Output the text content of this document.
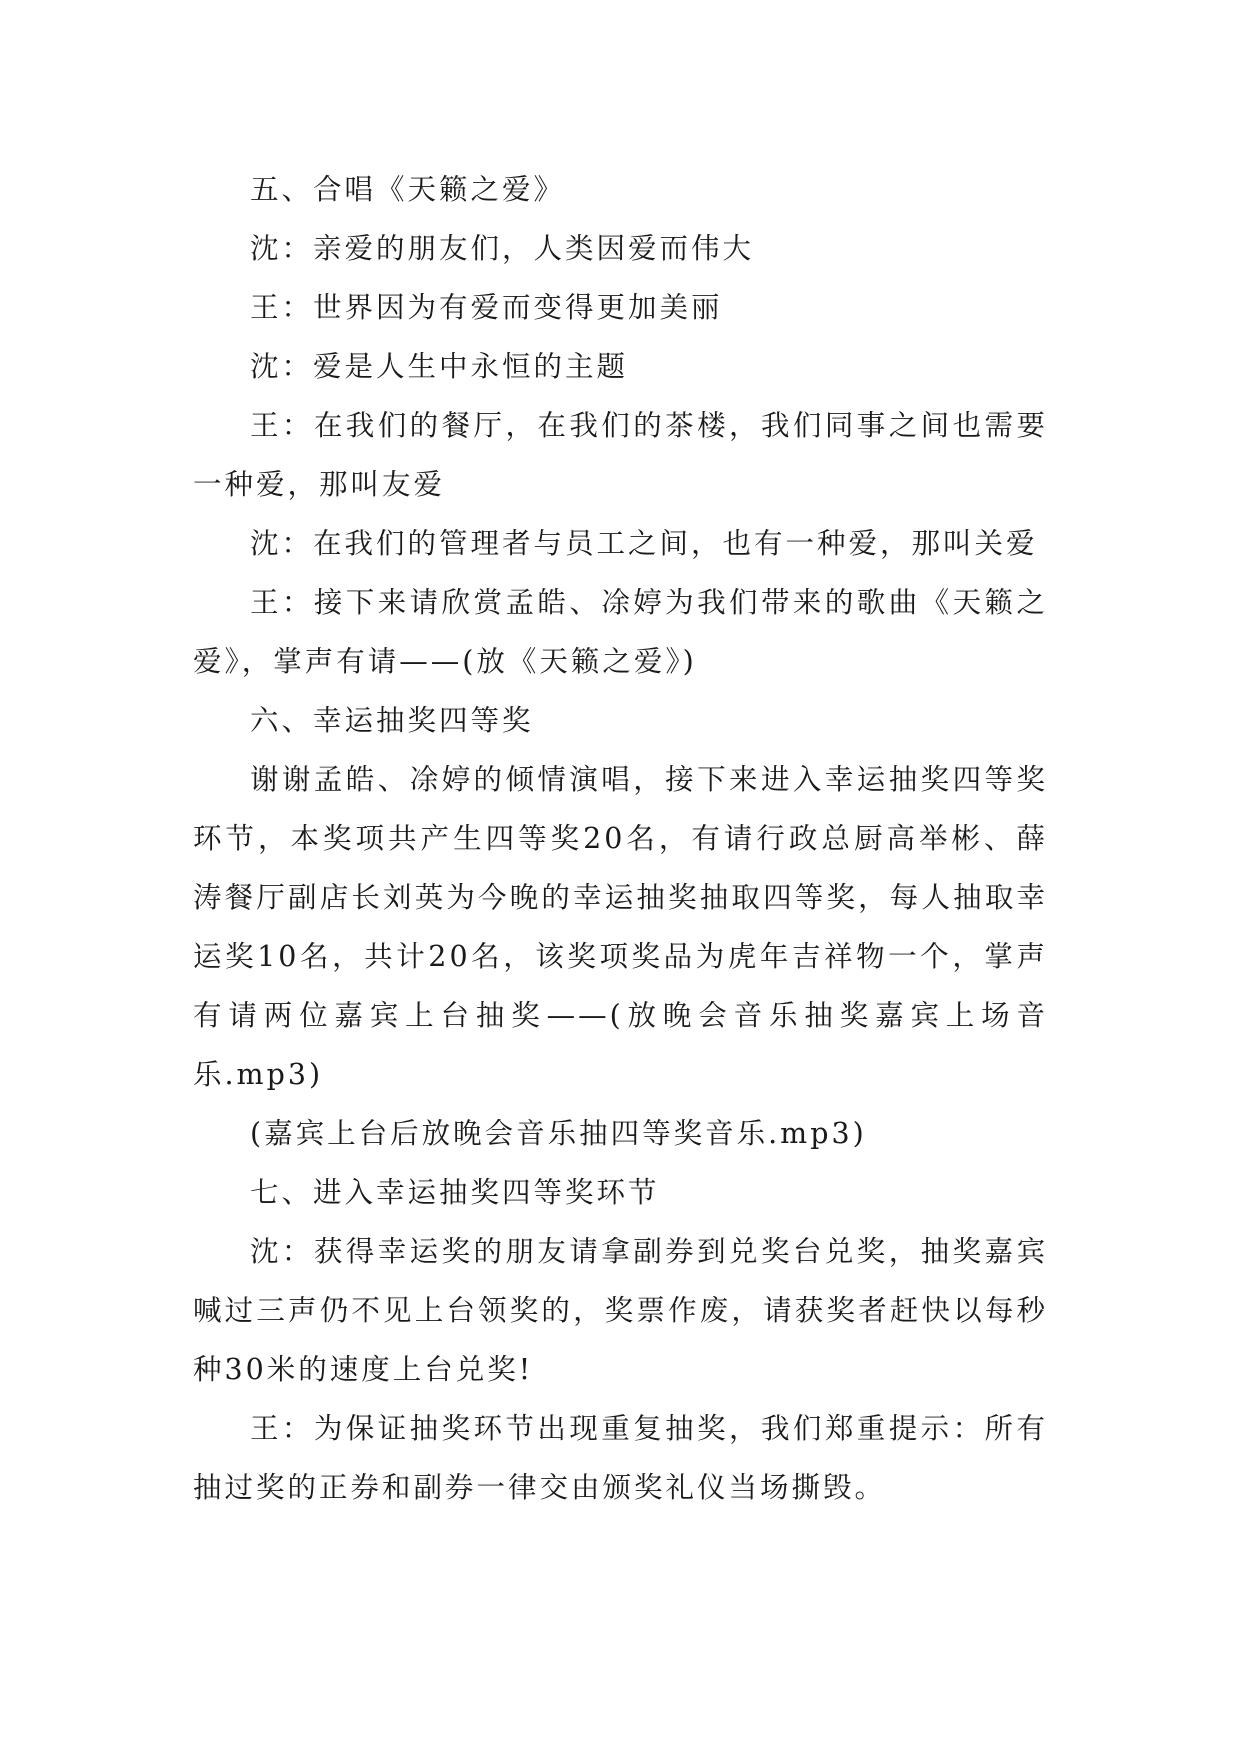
五、合唱《天籁之爱》

沈：亲爱的朋友们，人类因爱而伟大

王：世界因为有爱而变得更加美丽

沈：爱是人生中永恒的主题

王：在我们的餐厅，在我们的茶楼，我们同事之间也需要一种爱，那叫友爱

沈：在我们的管理者与员工之间，也有一种爱，那叫关爱

王：接下来请欣赏孟皓、凃婷为我们带来的歌曲《天籁之爱》，掌声有请——(放《天籁之爱》)

六、幸运抽奖四等奖

谢谢孟皓、凃婷的倾情演唱，接下来进入幸运抽奖四等奖环节，本奖项共产生四等奖20名，有请行政总厨高举彬、薛涛餐厅副店长刘英为今晚的幸运抽奖抽取四等奖，每人抽取幸运奖10名，共计20名，该奖项奖品为虎年吉祥物一个，掌声有请两位嘉宾上台抽奖——(放晚会音乐抽奖嘉宾上场音乐.mp3)

(嘉宾上台后放晚会音乐抽四等奖音乐.mp3)

七、进入幸运抽奖四等奖环节

沈：获得幸运奖的朋友请拿副券到兑奖台兑奖，抽奖嘉宾喊过三声仍不见上台领奖的，奖票作废，请获奖者赶快以每秒种30米的速度上台兑奖!

王：为保证抽奖环节出现重复抽奖，我们郑重提示：所有抽过奖的正券和副券一律交由颁奖礼仪当场撕毁。
